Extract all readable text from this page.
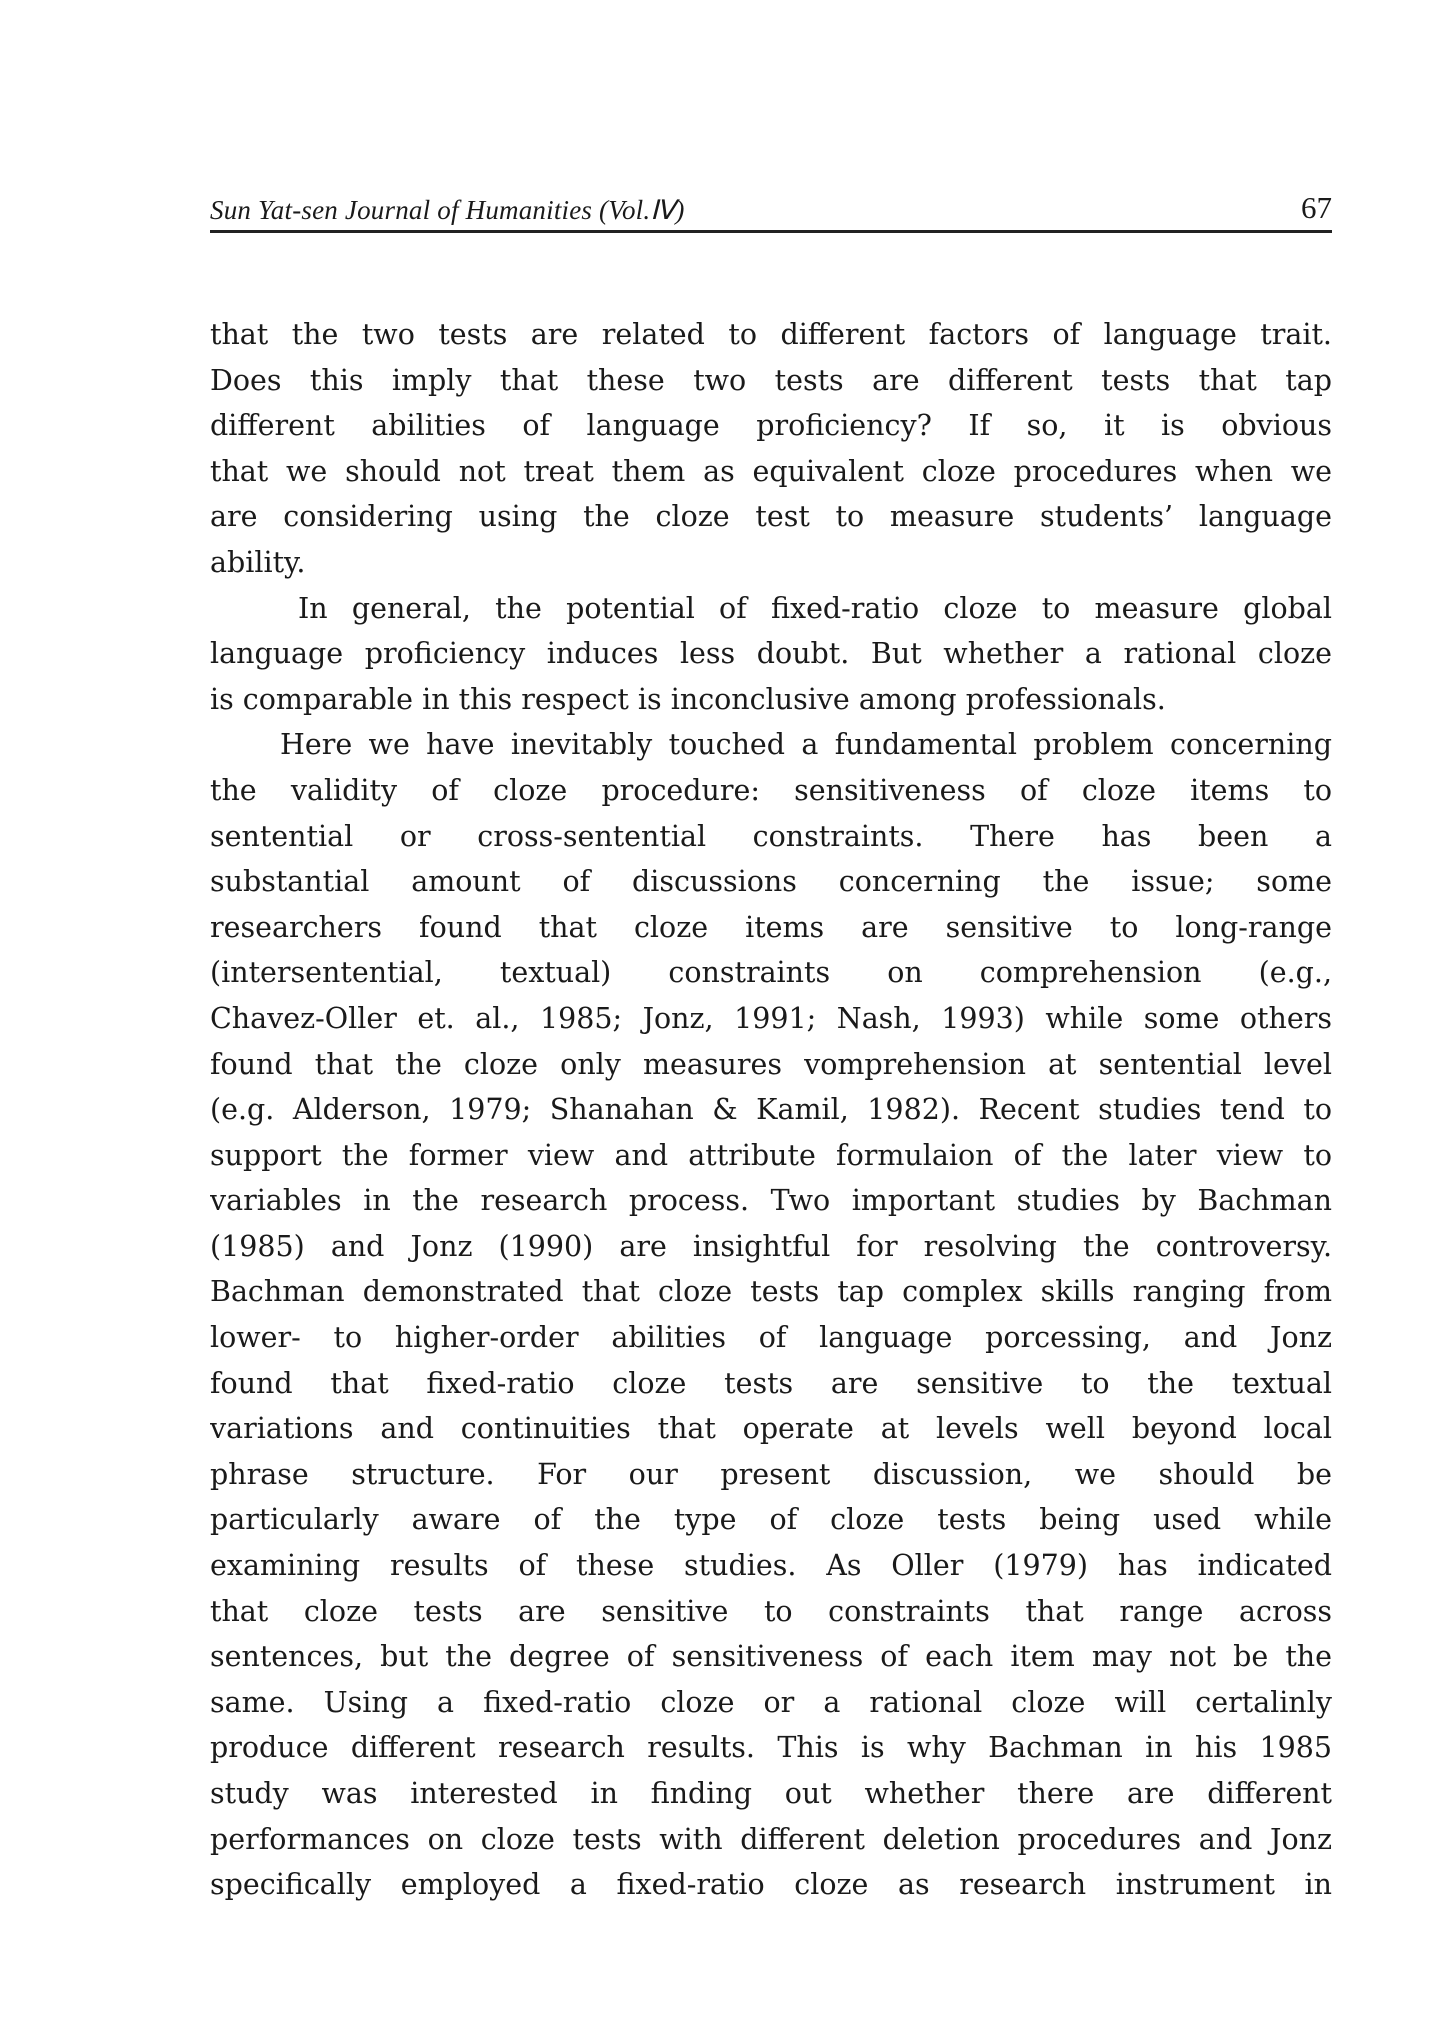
Sun Yat-sen Journal of Humanities (Vol.Ⅳ)	67
that the two tests are related to different factors of language trait.
Does this imply that these two tests are different tests that tap
different abilities of language proficiency? If so, it is obvious
that we should not treat them as equivalent cloze procedures when we
are considering using the cloze test to measure students’ language
ability.
In general, the potential of fixed-ratio cloze to measure global
language proficiency induces less doubt. But whether a rational cloze
is comparable in this respect is inconclusive among professionals.
Here we have inevitably touched a fundamental problem concerning
the validity of cloze procedure: sensitiveness of cloze items to
sentential or cross-sentential constraints. There has been a
substantial amount of discussions concerning the issue; some
researchers found that cloze items are sensitive to long-range
(intersentential, textual) constraints on comprehension (e.g.,
Chavez-Oller et. al., 1985; Jonz, 1991; Nash, 1993) while some others
found that the cloze only measures vomprehension at sentential level
(e.g. Alderson, 1979; Shanahan & Kamil, 1982). Recent studies tend to
support the former view and attribute formulaion of the later view to
variables in the research process. Two important studies by Bachman
(1985) and Jonz (1990) are insightful for resolving the controversy.
Bachman demonstrated that cloze tests tap complex skills ranging from
lower- to higher-order abilities of language porcessing, and Jonz
found that fixed-ratio cloze tests are sensitive to the textual
variations and continuities that operate at levels well beyond local
phrase structure. For our present discussion, we should be
particularly aware of the type of cloze tests being used while
examining results of these studies. As Oller (1979) has indicated
that cloze tests are sensitive to constraints that range across
sentences, but the degree of sensitiveness of each item may not be the
same. Using a fixed-ratio cloze or a rational cloze will certalinly
produce different research results. This is why Bachman in his 1985
study was interested in finding out whether there are different
performances on cloze tests with different deletion procedures and Jonz
specifically employed a fixed-ratio cloze as research instrument in
